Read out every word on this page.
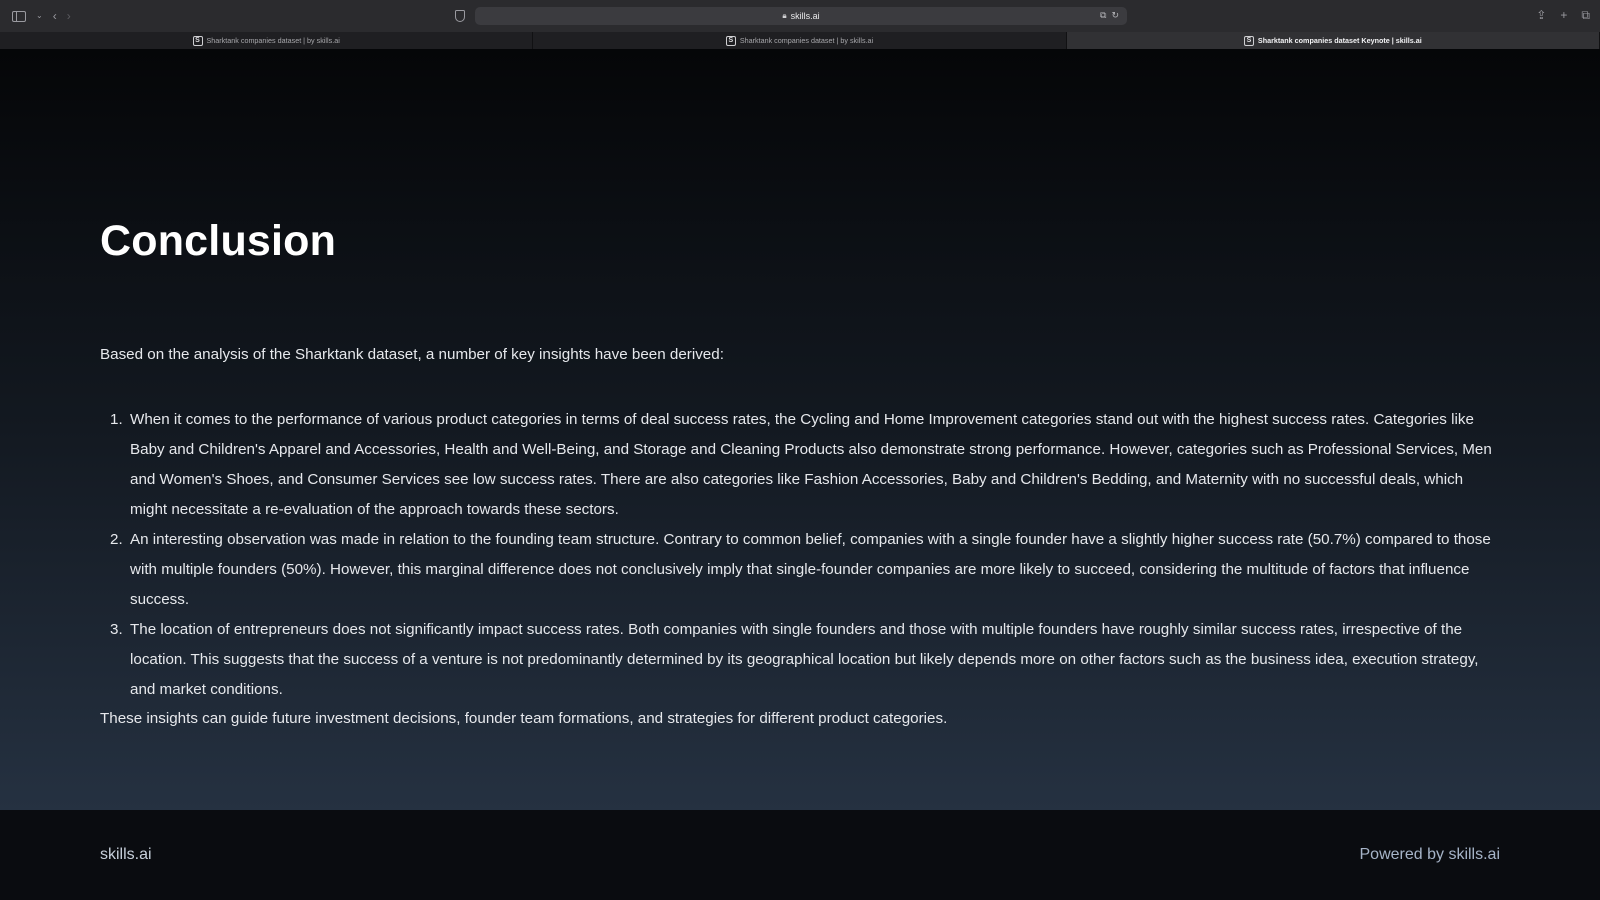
⌄ ‹ ›	🔒︎ skills.ai	⧉ ↻	⇪ + ⧉
S Sharktank companies dataset | by skills.ai	S Sharktank companies dataset | by skills.ai	S Sharktank companies dataset Keynote | skills.ai
Conclusion

Based on the analysis of the Sharktank dataset, a number of key insights have been derived:

1. When it comes to the performance of various product categories in terms of deal success rates, the Cycling and Home Improvement categories stand out with the highest success rates. Categories like Baby and Children's Apparel and Accessories, Health and Well-Being, and Storage and Cleaning Products also demonstrate strong performance. However, categories such as Professional Services, Men and Women's Shoes, and Consumer Services see low success rates. There are also categories like Fashion Accessories, Baby and Children's Bedding, and Maternity with no successful deals, which might necessitate a re-evaluation of the approach towards these sectors.
2. An interesting observation was made in relation to the founding team structure. Contrary to common belief, companies with a single founder have a slightly higher success rate (50.7%) compared to those with multiple founders (50%). However, this marginal difference does not conclusively imply that single-founder companies are more likely to succeed, considering the multitude of factors that influence success.
3. The location of entrepreneurs does not significantly impact success rates. Both companies with single founders and those with multiple founders have roughly similar success rates, irrespective of the location. This suggests that the success of a venture is not predominantly determined by its geographical location but likely depends more on other factors such as the business idea, execution strategy, and market conditions.

These insights can guide future investment decisions, founder team formations, and strategies for different product categories.

skills.ai	Powered by skills.ai
